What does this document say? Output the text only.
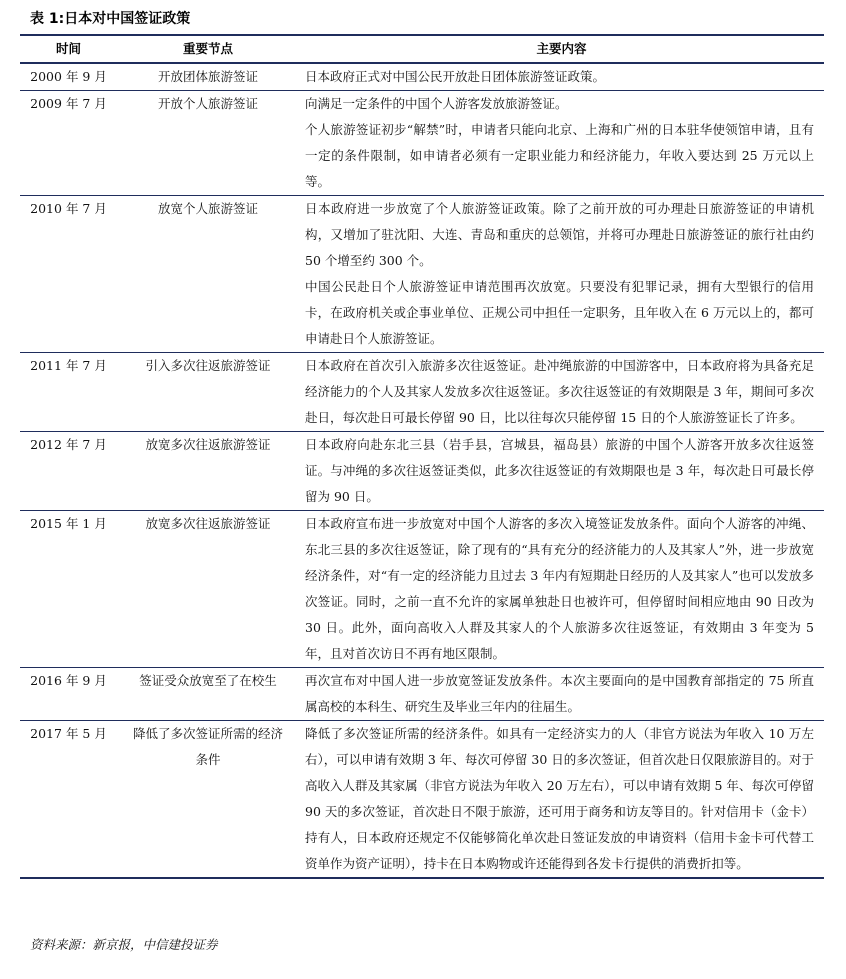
表 1:日本对中国签证政策
时间	重要节点	主要内容
2000 年 9 月	开放团体旅游签证	日本政府正式对中国公民开放赴日团体旅游签证政策。

2009 年 7 月	开放个人旅游签证	向满足一定条件的中国个人游客发放旅游签证。

个人旅游签证初步“解禁”时，申请者只能向北京、上海和广州的日本驻华使领馆申请，且有一定的条件限制，如申请者必须有一定职业能力和经济能力，年收入要达到 25 万元以上等。

2010 年 7 月	放宽个人旅游签证	日本政府进一步放宽了个人旅游签证政策。除了之前开放的可办理赴日旅游签证的申请机构，又增加了驻沈阳、大连、青岛和重庆的总领馆，并将可办理赴日旅游签证的旅行社由约 50 个增至约 300 个。

中国公民赴日个人旅游签证申请范围再次放宽。只要没有犯罪记录，拥有大型银行的信用卡，在政府机关或企事业单位、正规公司中担任一定职务，且年收入在 6 万元以上的，都可申请赴日个人旅游签证。

2011 年 7 月	引入多次往返旅游签证	日本政府在首次引入旅游多次往返签证。赴冲绳旅游的中国游客中，日本政府将为具备充足经济能力的个人及其家人发放多次往返签证。多次往返签证的有效期限是 3 年，期间可多次赴日，每次赴日可最长停留 90 日，比以往每次只能停留 15 日的个人旅游签证长了许多。

2012 年 7 月	放宽多次往返旅游签证	日本政府向赴东北三县（岩手县，宫城县，福岛县）旅游的中国个人游客开放多次往返签证。与冲绳的多次往返签证类似，此多次往返签证的有效期限也是 3 年，每次赴日可最长停留为 90 日。

2015 年 1 月	放宽多次往返旅游签证	日本政府宣布进一步放宽对中国个人游客的多次入境签证发放条件。面向个人游客的冲绳、东北三县的多次往返签证，除了现有的“具有充分的经济能力的人及其家人”外，进一步放宽经济条件，对“有一定的经济能力且过去 3 年内有短期赴日经历的人及其家人”也可以发放多次签证。同时，之前一直不允许的家属单独赴日也被许可，但停留时间相应地由 90 日改为 30 日。此外，面向高收入人群及其家人的个人旅游多次往返签证，有效期由 3 年变为 5 年，且对首次访日不再有地区限制。

2016 年 9 月	签证受众放宽至了在校生	再次宣布对中国人进一步放宽签证发放条件。本次主要面向的是中国教育部指定的 75 所直属高校的本科生、研究生及毕业三年内的往届生。

2017 年 5 月	降低了多次签证所需的经济条件	降低了多次签证所需的经济条件。如具有一定经济实力的人（非官方说法为年收入 10 万左右），可以申请有效期 3 年、每次可停留 30 日的多次签证，但首次赴日仅限旅游目的。对于高收入人群及其家属（非官方说法为年收入 20 万左右），可以申请有效期 5 年、每次可停留 90 天的多次签证，首次赴日不限于旅游，还可用于商务和访友等目的。针对信用卡（金卡）持有人，日本政府还规定不仅能够简化单次赴日签证发放的申请资料（信用卡金卡可代替工资单作为资产证明），持卡在日本购物或许还能得到各发卡行提供的消费折扣等。

资料来源：新京报，中信建投证券
